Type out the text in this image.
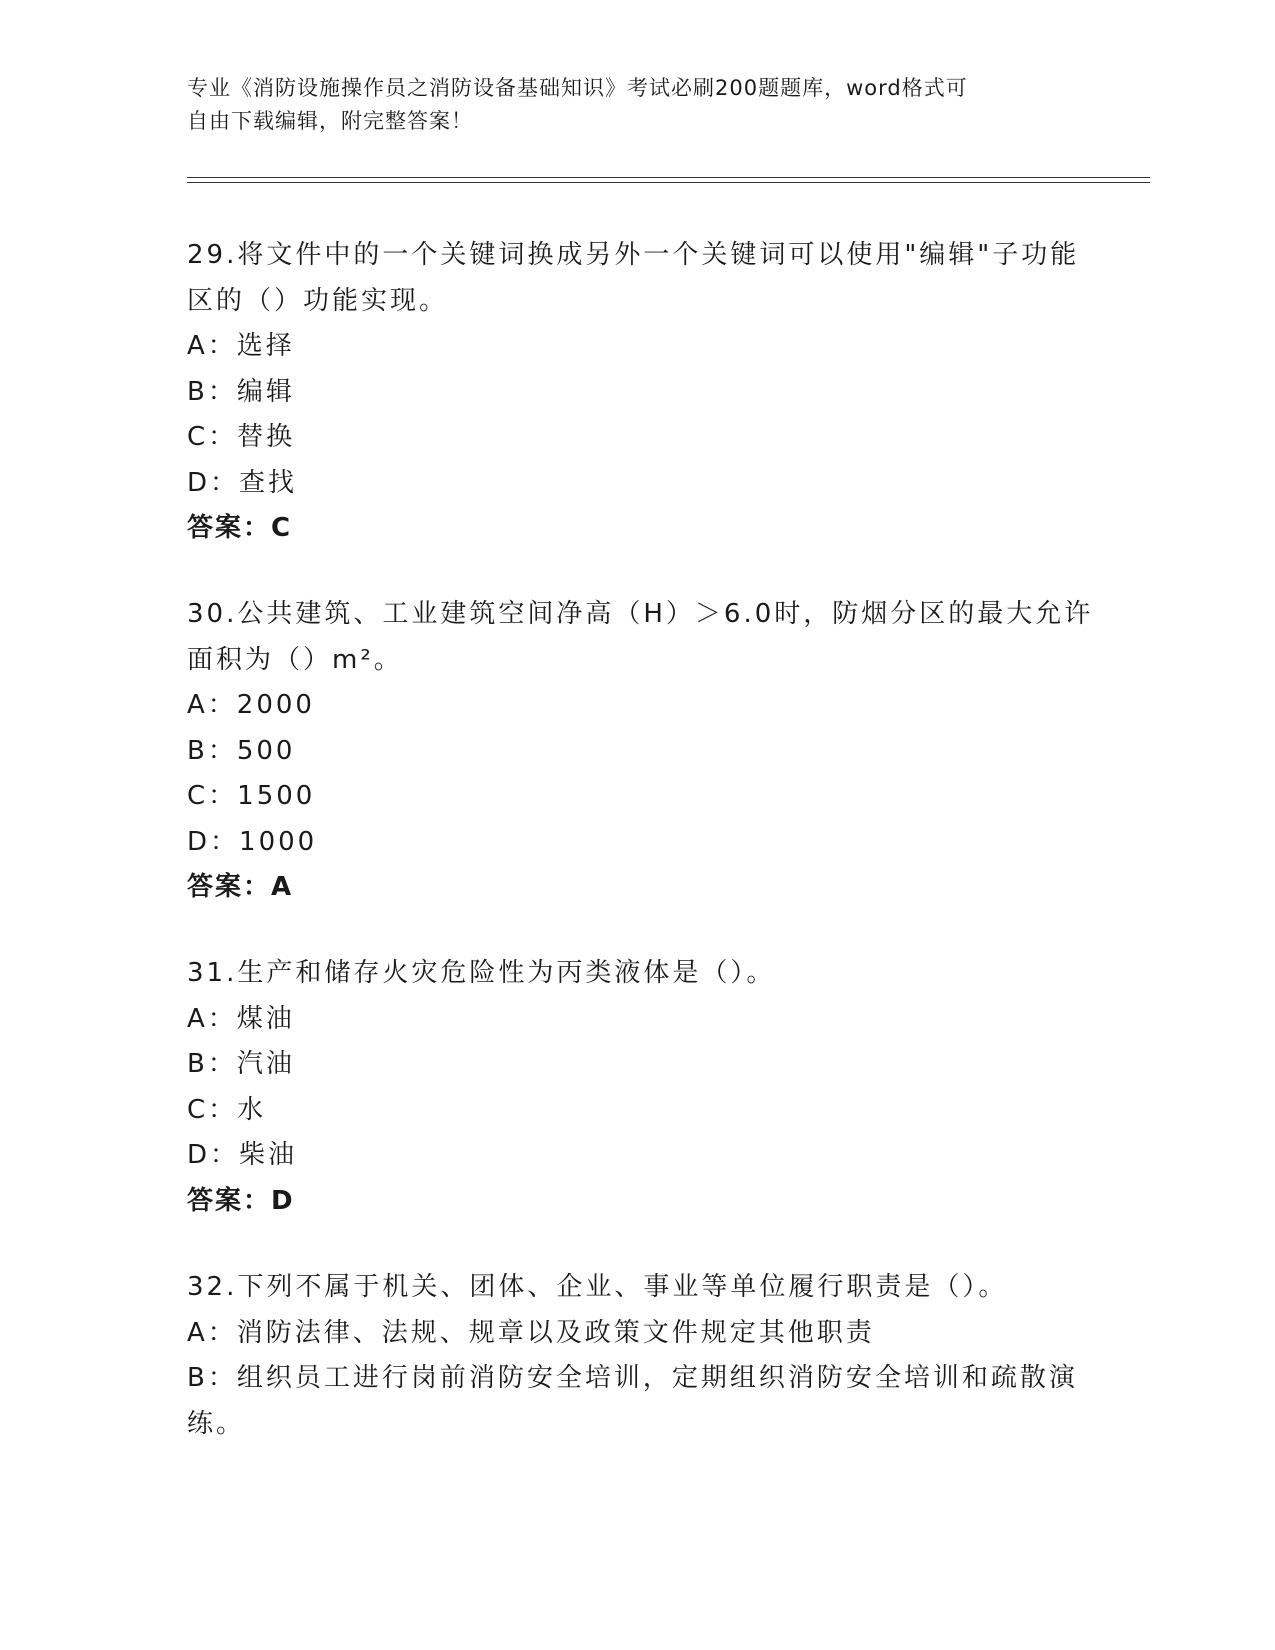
专业《消防设施操作员之消防设备基础知识》考试必刷200题题库，word格式可
自由下载编辑，附完整答案！
29.将文件中的一个关键词换成另外一个关键词可以使用"编辑"子功能
区的（）功能实现。
A：选择
B：编辑
C：替换
D：查找
答案：C
30.公共建筑、工业建筑空间净高（H）＞6.0时，防烟分区的最大允许
面积为（）m²。
A：2000
B：500
C：1500
D：1000
答案：A
31.生产和储存火灾危险性为丙类液体是（）。
A：煤油
B：汽油
C：水
D：柴油
答案：D
32.下列不属于机关、团体、企业、事业等单位履行职责是（）。
A：消防法律、法规、规章以及政策文件规定其他职责
B：组织员工进行岗前消防安全培训，定期组织消防安全培训和疏散演
练。
